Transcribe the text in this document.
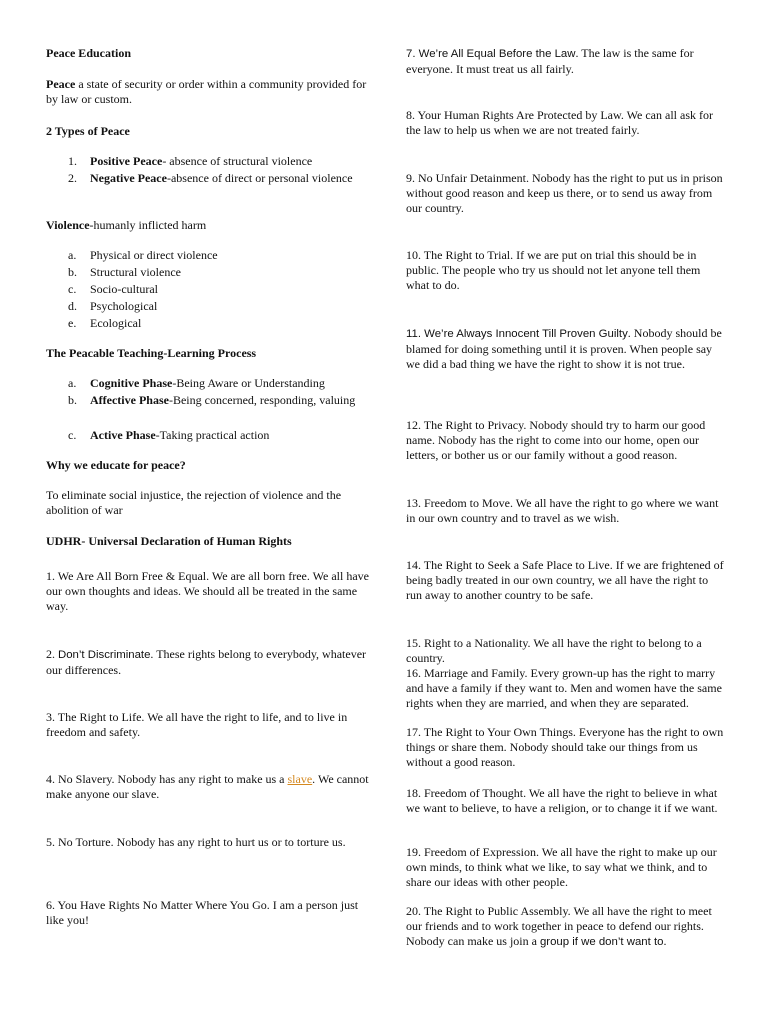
Peace Education

Peace a state of security or order within a community provided for by law or custom.

2 Types of Peace

1. Positive Peace- absence of structural violence
2. Negative Peace-absence of direct or personal violence

Violence-humanly inflicted harm

a. Physical or direct violence
b. Structural violence
c. Socio-cultural
d. Psychological
e. Ecological

The Peacable Teaching-Learning Process

a. Cognitive Phase-Being Aware or Understanding
b. Affective Phase-Being concerned, responding, valuing
c. Active Phase-Taking practical action

Why we educate for peace?

To eliminate social injustice, the rejection of violence and the abolition of war

UDHR- Universal Declaration of Human Rights

1. We Are All Born Free & Equal. We are all born free. We all have our own thoughts and ideas. We should all be treated in the same way.

2. Don’t Discriminate. These rights belong to everybody, whatever our differences.

3. The Right to Life. We all have the right to life, and to live in freedom and safety.

4. No Slavery. Nobody has any right to make us a slave. We cannot make anyone our slave.

5. No Torture. Nobody has any right to hurt us or to torture us.

6. You Have Rights No Matter Where You Go. I am a person just like you!

7. We’re All Equal Before the Law. The law is the same for everyone. It must treat us all fairly.

8. Your Human Rights Are Protected by Law. We can all ask for the law to help us when we are not treated fairly.

9. No Unfair Detainment. Nobody has the right to put us in prison without good reason and keep us there, or to send us away from our country.

10. The Right to Trial. If we are put on trial this should be in public. The people who try us should not let anyone tell them what to do.

11. We’re Always Innocent Till Proven Guilty. Nobody should be blamed for doing something until it is proven. When people say we did a bad thing we have the right to show it is not true.

12. The Right to Privacy. Nobody should try to harm our good name. Nobody has the right to come into our home, open our letters, or bother us or our family without a good reason.

13. Freedom to Move. We all have the right to go where we want in our own country and to travel as we wish.

14. The Right to Seek a Safe Place to Live. If we are frightened of being badly treated in our own country, we all have the right to run away to another country to be safe.

15. Right to a Nationality. We all have the right to belong to a country.

16. Marriage and Family. Every grown-up has the right to marry and have a family if they want to. Men and women have the same rights when they are married, and when they are separated.

17. The Right to Your Own Things. Everyone has the right to own things or share them. Nobody should take our things from us without a good reason.

18. Freedom of Thought. We all have the right to believe in what we want to believe, to have a religion, or to change it if we want.

19. Freedom of Expression. We all have the right to make up our own minds, to think what we like, to say what we think, and to share our ideas with other people.

20. The Right to Public Assembly. We all have the right to meet our friends and to work together in peace to defend our rights. Nobody can make us join a group if we don’t want to.
